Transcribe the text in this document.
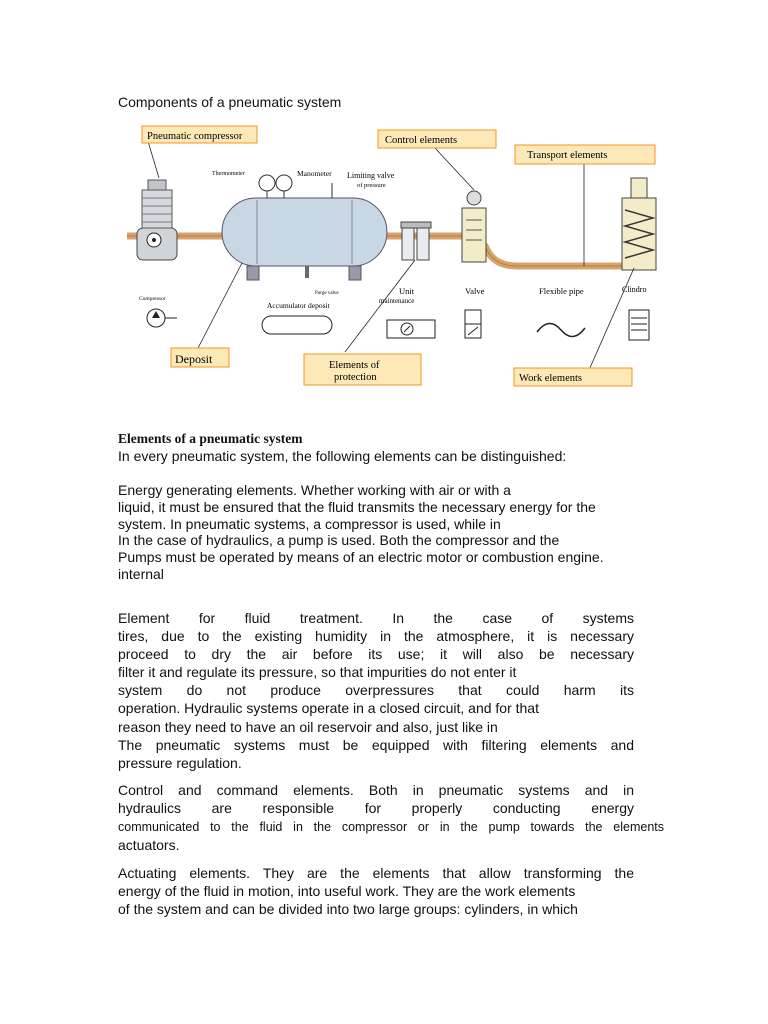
Components of a pneumatic system
Pneumatic compressor	Control elements
Transport elements
Deposit	Elements of
protection	Work elements
Thermometer	Manometer Limiting valve
of pressure
Purge valve
Compressor
Accumulator deposit
Unit
maintenance
Valve	Flexible pipe	Clindro
Elements of a pneumatic system
In every pneumatic system, the following elements can be distinguished:
Energy generating elements. Whether working with air or with a
liquid, it must be ensured that the fluid transmits the necessary energy for the
system. In pneumatic systems, a compressor is used, while in
In the case of hydraulics, a pump is used. Both the compressor and the
Pumps must be operated by means of an electric motor or combustion engine.
internal
Element for fluid treatment. In the case of systems
tires, due to the existing humidity in the atmosphere, it is necessary
proceed to dry the air before its use; it will also be necessary
filter it and regulate its pressure, so that impurities do not enter it
system do not produce overpressures that could harm its
operation. Hydraulic systems operate in a closed circuit, and for that
reason they need to have an oil reservoir and also, just like in
The pneumatic systems must be equipped with filtering elements and
pressure regulation.
Control and command elements. Both in pneumatic systems and in
hydraulics are responsible for properly conducting energy
communicated to the fluid in the compressor or in the pump towards the elements
actuators.
Actuating elements. They are the elements that allow transforming the
energy of the fluid in motion, into useful work. They are the work elements
of the system and can be divided into two large groups: cylinders, in which
